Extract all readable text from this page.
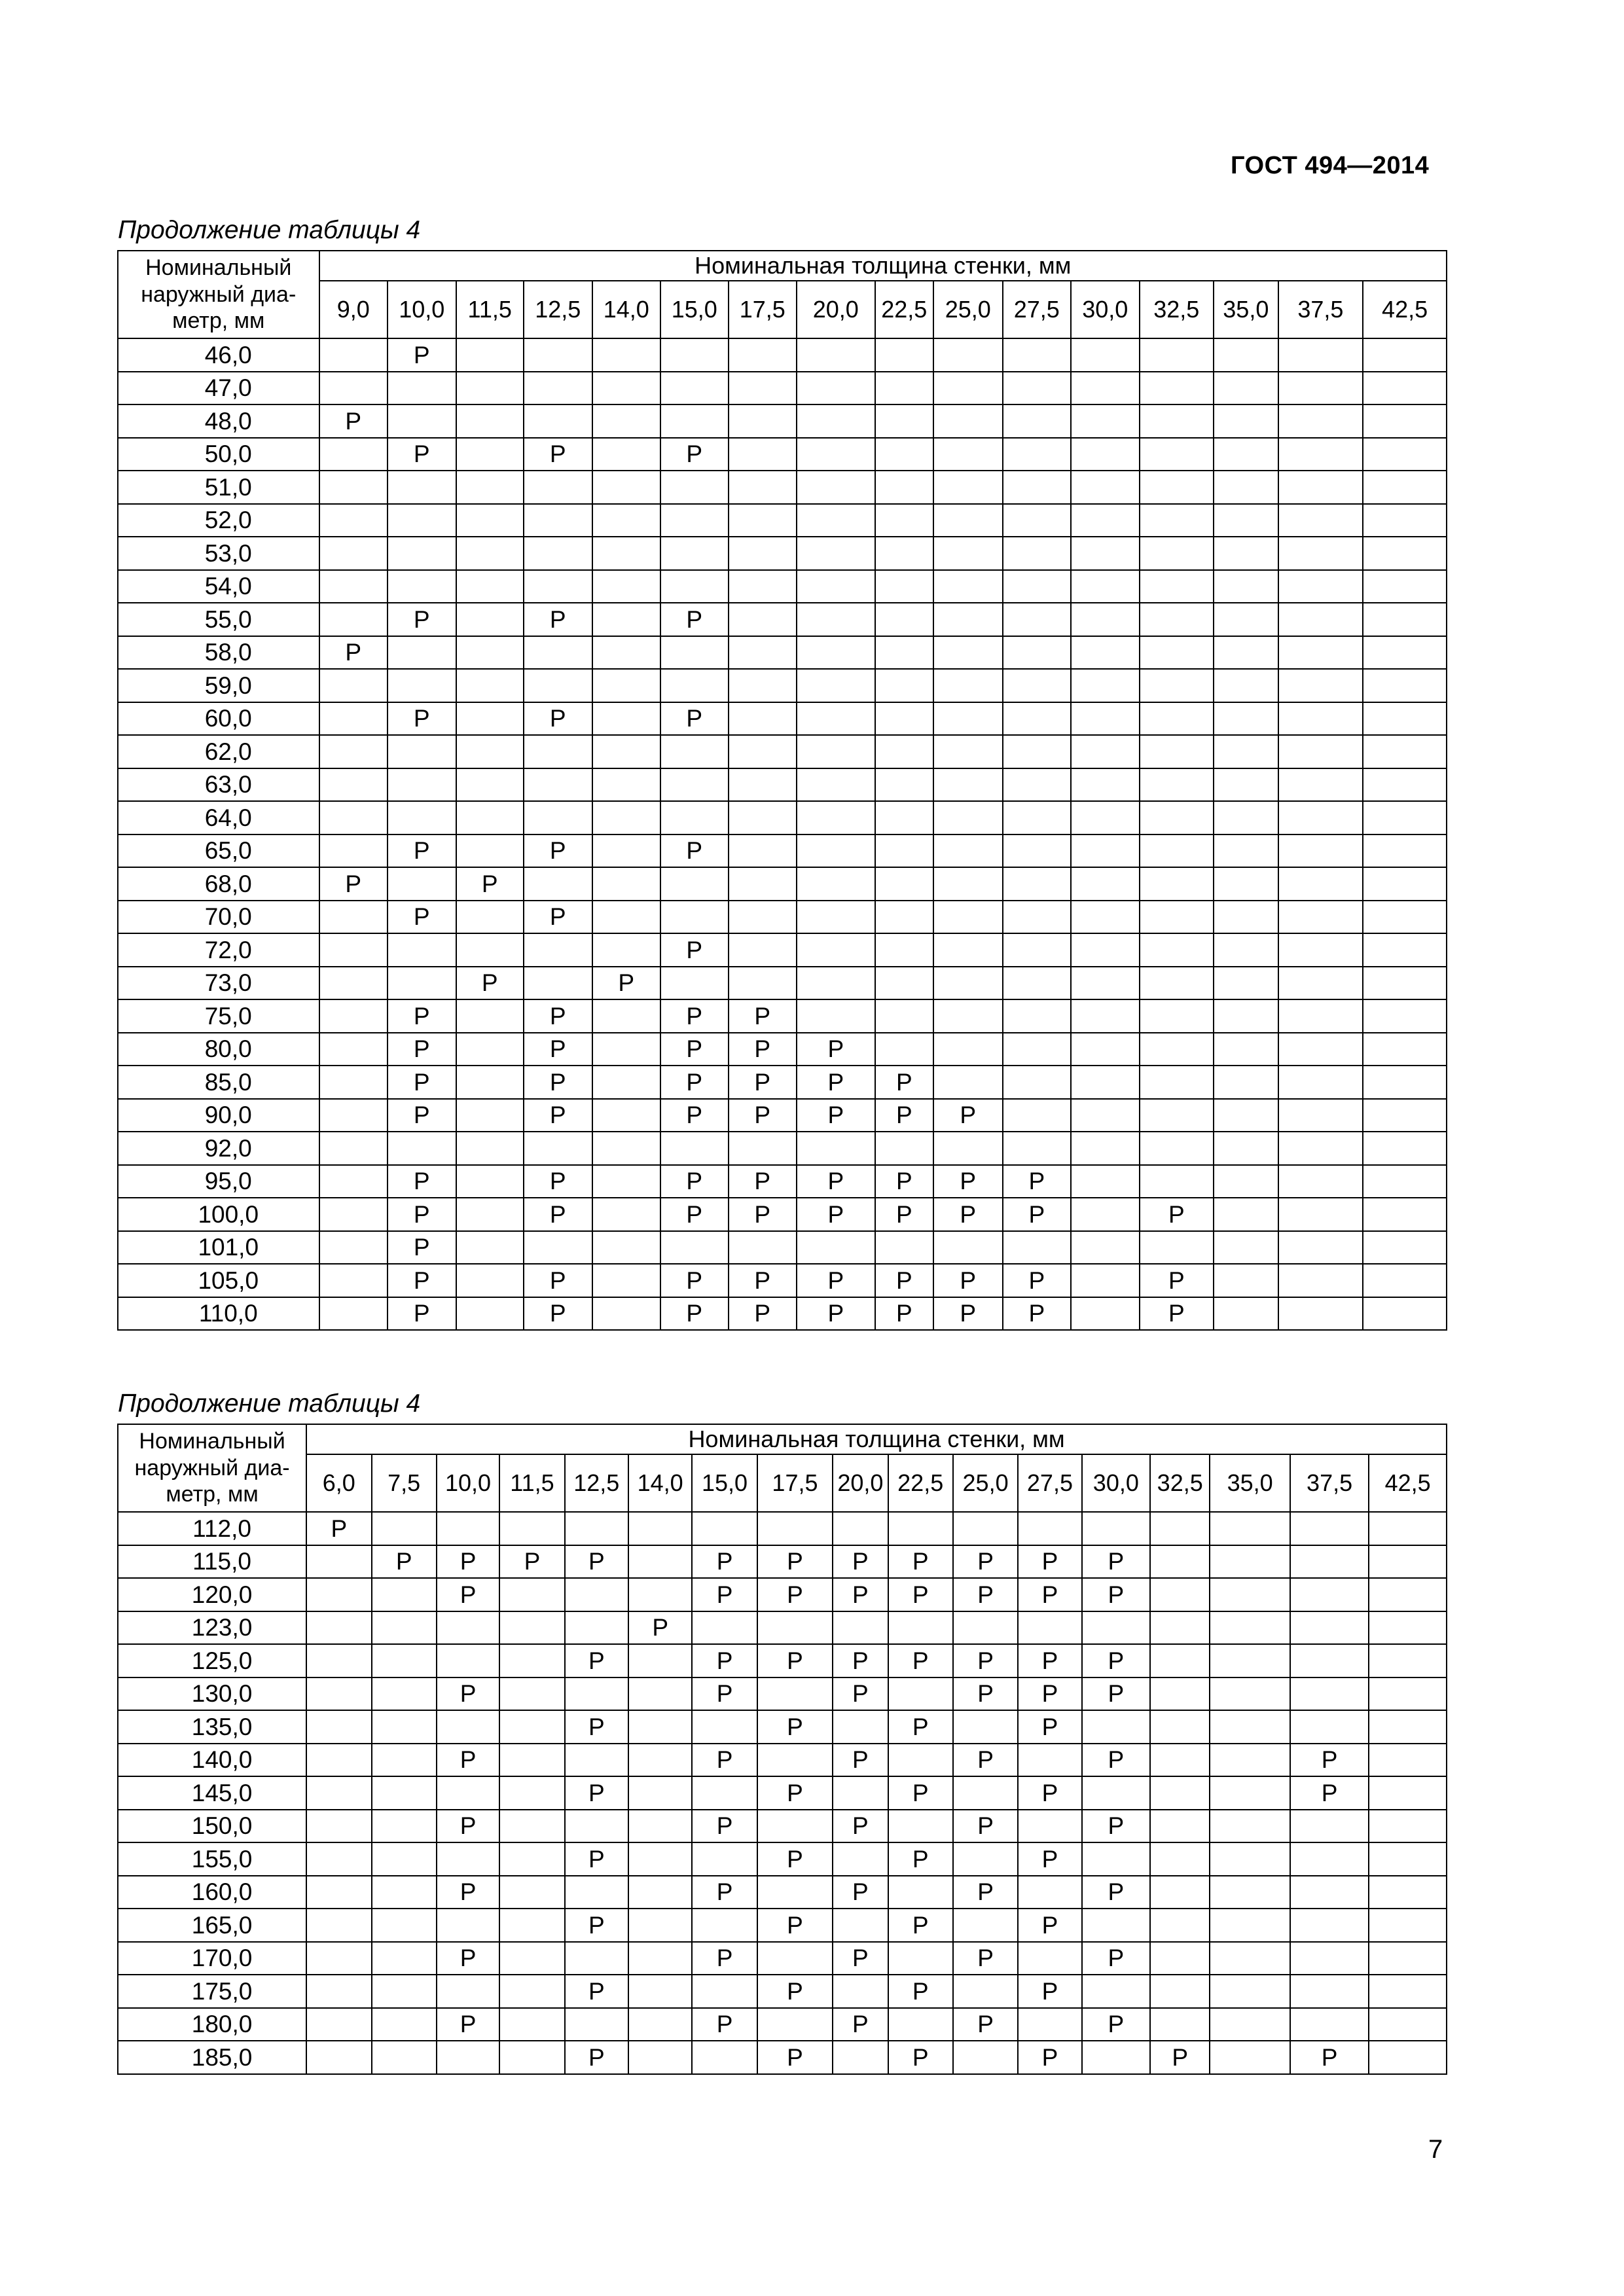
ГОСТ 494—2014
Продолжение таблицы 4
Номинальный наружный диа-метр, мм	Номинальная толщина стенки, мм															
	9,0	10,0	11,5	12,5	14,0	15,0	17,5	20,0	22,5	25,0	27,5	30,0	32,5	35,0	37,5	42,5
46,0		Р														
47,0																
48,0	Р															
50,0		Р		Р		Р										
51,0																
52,0																
53,0																
54,0																
55,0		Р		Р		Р										
58,0	Р															
59,0																
60,0		Р		Р		Р										
62,0																
63,0																
64,0																
65,0		Р		Р		Р										
68,0	Р		Р													
70,0		Р		Р												
72,0						Р										
73,0			Р		Р											
75,0		Р		Р		Р	Р									
80,0		Р		Р		Р	Р	Р								
85,0		Р		Р		Р	Р	Р	Р							
90,0		Р		Р		Р	Р	Р	Р	Р						
92,0																
95,0		Р		Р		Р	Р	Р	Р	Р	Р					
100,0		Р		Р		Р	Р	Р	Р	Р	Р		Р			
101,0		Р														
105,0		Р		Р		Р	Р	Р	Р	Р	Р		Р			
110,0		Р		Р		Р	Р	Р	Р	Р	Р		Р			
Продолжение таблицы 4
Номинальный наружный диа-метр, мм	Номинальная толщина стенки, мм																
	6,0	7,5	10,0	11,5	12,5	14,0	15,0	17,5	20,0	22,5	25,0	27,5	30,0	32,5	35,0	37,5	42,5
112,0	Р																
115,0		Р	Р	Р	Р		Р	Р	Р	Р	Р	Р	Р				
120,0			Р				Р	Р	Р	Р	Р	Р	Р				
123,0						Р											
125,0					Р		Р	Р	Р	Р	Р	Р	Р				
130,0			Р				Р		Р		Р	Р	Р				
135,0					Р			Р		Р		Р					
140,0			Р				Р		Р		Р		Р			Р	
145,0					Р			Р		Р		Р				Р	
150,0			Р				Р		Р		Р		Р				
155,0					Р			Р		Р		Р					
160,0			Р				Р		Р		Р		Р				
165,0					Р			Р		Р		Р					
170,0			Р				Р		Р		Р		Р				
175,0					Р			Р		Р		Р					
180,0			Р				Р		Р		Р		Р				
185,0					Р			Р		Р		Р		Р		Р	
7
